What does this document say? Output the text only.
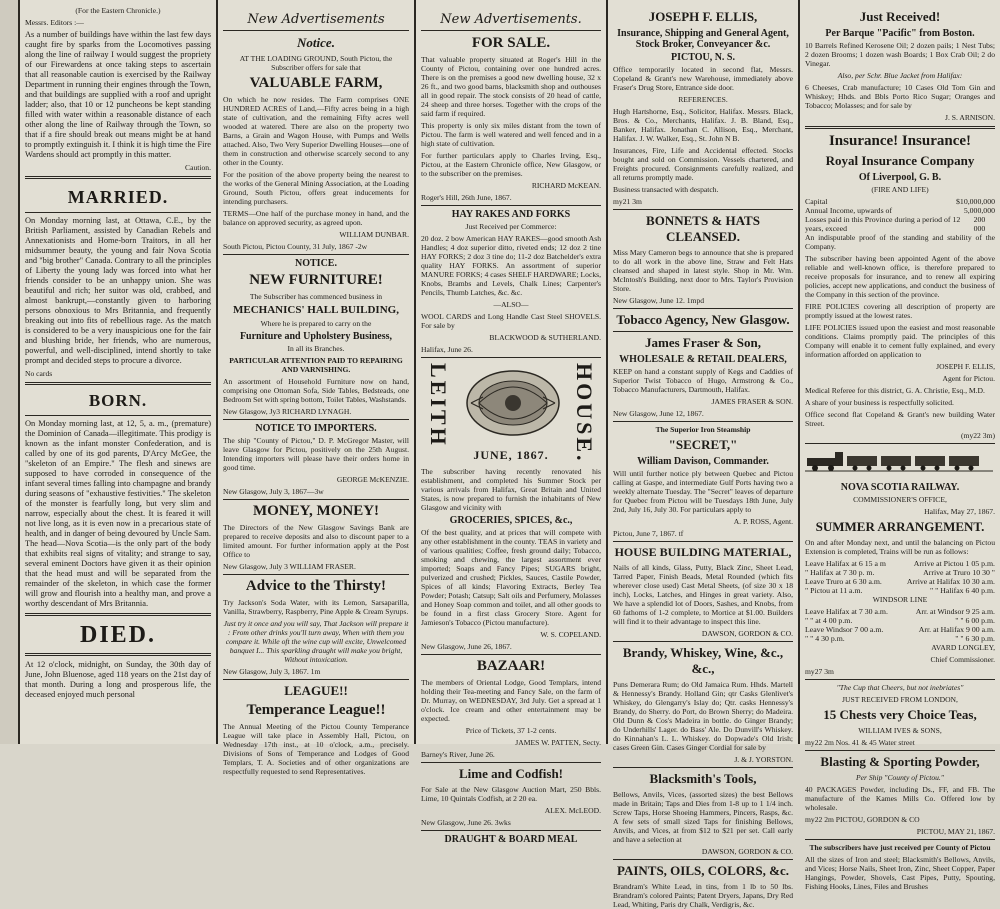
(For the Eastern Chronicle.)

Messrs. Editors :—

As a number of buildings have within the last few days caught fire by sparks from the Locomotives passing along the line of railway I would suggest the propriety of our Firewardens at once taking steps to ascertain that all reasonable caution is exercised by the Railway Department in running their engines through the Town, and that buildings are supplied with a roof and upright ladder; also, that 10 or 12 puncheons be kept standing filled with water within a reasonable distance of each other along the line of Railway through the Town, so that if a fire should break out means might be at hand to promptly extinguish it. I think it is high time the Fire Wardens should act promptly in this matter.

Caution.

MARRIED.

On Monday morning last, at Ottawa, C.E., by the British Parliament, assisted by Canadian Rebels and Annexationists and Home-born Traitors, in all her midsummer beauty, the young and fair Nova Scotia and "big brother" Canada. Contrary to all the principles of Liberty the young lady was forced into what her friends consider to be an unhappy union. She was beautiful and rich; her suitor was old, crabbed, and almost bankrupt,—constantly given to harboring persons obnoxious to Mrs Britannia, and frequently breaking out into fits of rebellious rage. As the match is considered to be a very inauspicious one for the fair and blushing bride, her friends, who are numerous, powerful, and well-disciplined, intend shortly to take prompt and decided steps to procure a divorce.

No cards

BORN.

On Monday morning last, at 12, 5, a. m., (premature) the Dominion of Canada—illegitimate. This prodigy is known as the infant monster Confederation, and is called by one of its god parents, D'Arcy McGee, the "skeleton of an Empire." The flesh and sinews are supposed to have corroded in consequence of the infant several times falling into champagne and brandy during seasons of "exhaustive festivities." The skeleton of the monster is fearfully long, but very slim and narrow, especially about the chest. It is feared it will not live long, as it is even now in a precarious state of health, and in danger of being devoured by Uncle Sam. The head—Nova Scotia—is the only part of the body that exhibits real signs of vitality; and strange to say, several eminent Doctors have given it as their opinion that the head must and will be separated from the remainder of the skeleton, in which case the former will grow and flourish into a healthy man, and prove a worthy descendant of Mrs Britannia.

DIED.

At 12 o'clock, midnight, on Sunday, the 30th day of June, John Bluenose, aged 118 years on the 21st day of that month. During a long and prosperous life, the deceased enjoyed much personal

New Advertisements
Notice.

AT THE LOADING GROUND, South Pictou, the Subscriber offers for sale that

VALUABLE FARM,

On which he now resides. The Farm comprises ONE HUNDRED ACRES of Land,—Fifty acres being in a high state of cultivation, and the remaining Fifty acres well wooded at watered. There are also on the property two Barns, a Grain and Wagon House, with Pumps and Wells attached. Also, Two Very Superior Dwelling Houses—one of them in construction and otherwise scarcely second to any other in the County.

For the position of the above property being the nearest to the works of the General Mining Association, at the Loading Ground, South Pictou, offers great inducements for intending purchasers.

TERMS—One half of the purchase money in hand, and the balance on approved security, as agreed upon.

WILLIAM DUNBAR.

South Pictou, Pictou County, 31 July, 1867 -2w

NOTICE.
NEW FURNITURE!

The Subscriber has commenced business in

MECHANICS' HALL BUILDING,

Where he is prepared to carry on the

Furniture and Upholstery Business,

In all its Branches.

PARTICULAR ATTENTION PAID TO REPAIRING AND VARNISHING.

An assortment of Household Furniture now on hand, comprising one Ottoman Sofa, Side Tables, Bedsteads, one Bedroom Set with spring bottom, Toilet Tables, Washstands.

New Glasgow, Jy3 RICHARD LYNAGH.

NOTICE TO IMPORTERS.

The ship "County of Pictou," D. P. McGregor Master, will leave Glasgow for Pictou, positively on the 25th August. Intending importers will please have their orders home in good time.

GEORGE McKENZIE.

New Glasgow, July 3, 1867—3w

MONEY, MONEY!

The Directors of the New Glasgow Savings Bank are prepared to receive deposits and also to discount paper to a limited amount. For further information apply at the Post Office to

New Glasgow, July 3 WILLIAM FRASER.

Advice to the Thirsty!

Try Jackson's Soda Water, with its Lemon, Sarsaparilla, Vanilla, Strawberry, Raspberry, Pine Apple & Cream Syrups.

Just try it once and you will say, That Jackson will prepare it : From other drinks you'll turn away, When with them you compare it. While oft the wine cup will excite, Unwelcomed banquet I... This sparkling draught will make you bright, Without intoxication.

New Glasgow, July 3, 1867. 1m

LEAGUE!!
Temperance League!!

The Annual Meeting of the Pictou County Temperance League will take place in Assembly Hall, Pictou, on Wednesday 17th inst., at 10 o'clock, a.m., precisely. Divisions of Sons of Temperance and Lodges of Good Templars, T. A. Societies and of other organizations are respectfully requested to send Representatives.

New Advertisements.
FOR SALE.

That valuable property situated at Roger's Hill in the County of Pictou, containing over one hundred acres. There is on the premises a good new dwelling house, 32 x 26 ft., and two good barns, blacksmith shop and outhouses all in good repair. The stock consists of 20 head of cattle, 24 sheep and three horses. Together with the crops of the said farm if required.

This property is only six miles distant from the town of Pictou. The farm is well watered and well fenced and in a high state of cultivation.

For further particulars apply to Charles Irving, Esq., Pictou, at the Eastern Chronicle office, New Glasgow, or to the subscriber on the premises.

RICHARD McKEAN.

Roger's Hill, 26th June, 1867.

HAY RAKES AND FORKS

Just Received per Commerce:

20 doz. 2 bow American HAY RAKES—good smooth Ash Handles; 4 doz superior ditto, riveted ends; 12 doz 2 tine HAY FORKS; 2 doz 3 tine do; 11-2 doz Batchelder's extra quality HAY FORKS. An assortment of superior MANURE FORKS; 4 cases SHELF HARDWARE; Locks, Knobs, Brambs and Levels, Chalk Lines; Carpenter's Pencils, Thumb Latches, &c. &c.

—ALSO—

WOOL CARDS and Long Handle Cast Steel SHOVELS. For sale by

BLACKWOOD & SUTHERLAND.

Halifax, June 26.

LEITH	HOUSE.
JUNE, 1867.

The subscriber having recently renovated his establishment, and completed his Summer Stock per various arrivals from Halifax, Great Britain and United States, is now prepared to furnish the inhabitants of New Glasgow and vicinity with

GROCERIES, SPICES, &c.,

Of the best quality, and at prices that will compete with any other establishment in the county. TEAS in variety and of various qualities; Coffee, fresh ground daily; Tobacco, smoking and chewing, the largest assortment ever imported; Soaps and Fancy Pipes; SUGARS bright, pulverized and crushed; Pickles, Sauces, Castile Powder, Spices of all kinds; Flavoring Extracts, Berley Tea Powder; Potash; Catsup; Salt oils and Perfumery, Molasses and Honey Soap common and toilet, and all other goods to be found in a first class Grocery Store. Agent for Jamieson's Tobacco (Pictou manufacture).

W. S. COPELAND.

New Glasgow, June 26, 1867.

BAZAAR!

The members of Oriental Lodge, Good Templars, intend holding their Tea-meeting and Fancy Sale, on the farm of Dr. Murray, on WEDNESDAY, 3rd July. Get a spread at 1 o'clock. Ice cream and other entertainment may be expected.

Price of Tickets, 37 1-2 cents.

JAMES W. PATTEN, Secty.

Barney's River, June 26.

Lime and Codfish!

For Sale at the New Glasgow Auction Mart, 250 Bbls. Lime, 10 Quintals Codfish, at 2 20 ea.

ALEX. McLEOD.

New Glasgow, June 26. 3wks

DRAUGHT & BOARD MEAL
JOSEPH F. ELLIS,
Insurance, Shipping and General Agent, Stock Broker, Conveyancer &c.
PICTOU, N. S.

Office temporarily located in second flat, Messrs. Copeland & Grant's new Warehouse, immediately above Fraser's Drug Store, Entrance side door.

REFERENCES.

Hugh Hartshorne, Esq., Solicitor, Halifax. Messrs. Black, Bros. & Co., Merchants, Halifax. J. B. Bland, Esq., Banker, Halifax. Jonathan C. Allison, Esq., Merchant, Halifax. J. W. Walker, Esq., St. John N B.

Insurances, Fire, Life and Accidental effected. Stocks bought and sold on Commission. Vessels chartered, and Freights procured. Consignments carefully realized, and all returns promptly made.

Business transacted with despatch.

my21 3m

BONNETS & HATS CLEANSED.

Miss Mary Cameron begs to announce that she is prepared to do all work in the above line, Straw and Felt Hats cleansed and shaped in latest style. Shop in Mr. Wm. McIntosh's Building, next door to Mrs. Taylor's Provision Store.

New Glasgow, June 12. 1mpd

Tobacco Agency, New Glasgow.
James Fraser & Son,
WHOLESALE & RETAIL DEALERS,

KEEP on hand a constant supply of Kegs and Caddies of Superior Twist Tobacco of Hugo, Armstrong & Co., Tobacco Manufacturers, Dartmouth, Halifax.

JAMES FRASER & SON.

New Glasgow, June 12, 1867.

The Superior Iron Steamship

"SECRET,"
William Davison, Commander.

Will until further notice ply between Quebec and Pictou calling at Gaspe, and intermediate Gulf Ports having two a weekly alternate Tuesday. The "Secret" leaves of departure for Quebec from Pictou will be Tuesdays 18th June, July 2nd, July 16, July 30. For particulars apply to

A. P. ROSS, Agent.

Pictou, June 7, 1867. tf

HOUSE BUILDING MATERIAL,

Nails of all kinds, Glass, Putty, Black Zinc, Sheet Lead, Tarred Paper, Finish Beads, Metal Rounded (which fits wherever close used) Cast Metal Sheets, (of size 30 x 18 inch), Locks, Latches, and Hinges in great variety. Also, We have a splendid lot of Doors, Sashes, and Knobs, from 60 fathoms of 1-2 complete, to Mortice at $1.00. Builders will find it to their advantage to inspect this line.

DAWSON, GORDON & CO.

Brandy, Whiskey, Wine, &c., &c.,

Puns Demerara Rum; do Old Jamaica Rum. Hhds. Martell & Hennessy's Brandy. Holland Gin; qtr Casks Glenlivet's Whiskey, do Glengarry's Islay do; Qtr. casks Hennessy's Brandy, do Sherry. do Port, do Brown Sherry; do Madeira. Old Dunn & Cos's Madeira in bottle. do Ginger Brandy; do Underhills' Lager. do Bass' Ale. Do Dunvill's Whiskey. do Kinnahan's L. L. Whiskey. do Dopwade's Old Irish; cases Green Gin. Cases Ginger Cordial for sale by

J. & J. YORSTON.

Blacksmith's Tools,

Bellows, Anvils, Vices, (assorted sizes) the best Bellows made in Britain; Taps and Dies from 1-8 up to 1 1/4 inch. Screw Taps, Horse Shoeing Hammers, Pincers, Rasps, &c. A few sets of small sized Taps for finishing Bellows, Anvils, and Vices, at from $12 to $21 per set. Call early and have a selection at

DAWSON, GORDON & CO.

PAINTS, OILS, COLORS, &c.

Brandram's White Lead, in tins, from 1 lb to 50 lbs. Brandram's colored Paints; Patent Dryers, Japans, Dry Red Lead, Whiting, Paris dry Chalk, Verdigris, &c.

Just Received!
Per Barque "Pacific" from Boston.

10 Barrels Refined Kerosene Oil; 2 dozen pails; 1 Nest Tubs; 2 dozen Brooms; 1 dozen wash Boards; 1 Box Crab Oil; 2 do Vinegar.

Also, per Schr. Blue Jacket from Halifax:

6 Cheeses, Crab manufacture; 10 Cases Old Tom Gin and Whiskey; Hhds. and Bbls Porto Rico Sugar; Oranges and Tobacco; Molasses; and for sale by

J. S. ARNISON.

Insurance! Insurance!
Royal Insurance Company
Of Liverpool, G. B.

(FIRE AND LIFE)

Capital	$10,000,000
Annual Income, upwards of	5,000,000
Losses paid in this Province during a period of 12 years, exceed
200 000

An indisputable proof of the standing and stability of the Company.

The subscriber having been appointed Agent of the above reliable and well-known office, is therefore prepared to receive proposals for insurance, and to renew all expiring policies, accept new applications, and conduct the business of the Company in this section of the province.

FIRE POLICIES covering all description of property are promptly issued at the lowest rates.

LIFE POLICIES issued upon the easiest and most reasonable conditions. Claims promptly paid. The principles of this Company will enable it to cement fully explained, and every information afforded on application to

JOSEPH F. ELLIS,

Agent for Pictou.

Medical Referee for this district, G. A. Christie, Esq., M.D.

A share of your business is respectfully solicited.

Office second flat Copeland & Grant's new building Water Street.

(my22 3m)

NOVA SCOTIA RAILWAY.

COMMISSIONER'S OFFICE,

Halifax, May 27, 1867.

SUMMER ARRANGEMENT.

On and after Monday next, and until the balancing on Pictou Extension is completed, Trains will be run as follows:

Leave Halifax at 6 15 a m	Arrive at Pictou 1 05 p.m.
" Halifax at 7 30 p. m.	Arrive at Truro 10 30 "
Leave Truro at 6 30 a.m.	Arrive at Halifax 10 30 a.m.
" Pictou at 11 a.m.	" " Halifax 6 40 p.m.

WINDSOR LINE

Leave Halifax at 7 30 a.m.	Arr. at Windsor 9 25 a.m.
" " at 4 00 p.m.	" " 6 00 p.m.
Leave Windsor 7 00 a.m.	Arr. at Halifax 9 00 a.m.
" " 4 30 p.m.	" " 6 30 p.m.

AVARD LONGLEY,

Chief Commissioner.

my27 3m

"The Cup that Cheers, but not inebriates"

JUST RECEIVED FROM LONDON,

15 Chests very Choice Teas,

WILLIAM IVES & SONS,

my22 2m Nos. 41 & 45 Water street

Blasting & Sporting Powder,

Per Ship "County of Pictou."

40 PACKAGES Powder, including Ds., FF, and FB. The manufacture of the Kames Mills Co. Offered low by wholesale.

my22 2m PICTOU, GORDON & CO

PICTOU, MAY 21, 1867.

The subscribers have just received per County of Pictou

All the sizes of Iron and steel; Blacksmith's Bellows, Anvils, and Vices; Horse Nails, Sheet Iron, Zinc, Sheet Copper, Paper Hangings, Powder, Shovels, Cast Pipes, Putty, Spouting, Fishing Hooks, Lines, Files and Brushes
